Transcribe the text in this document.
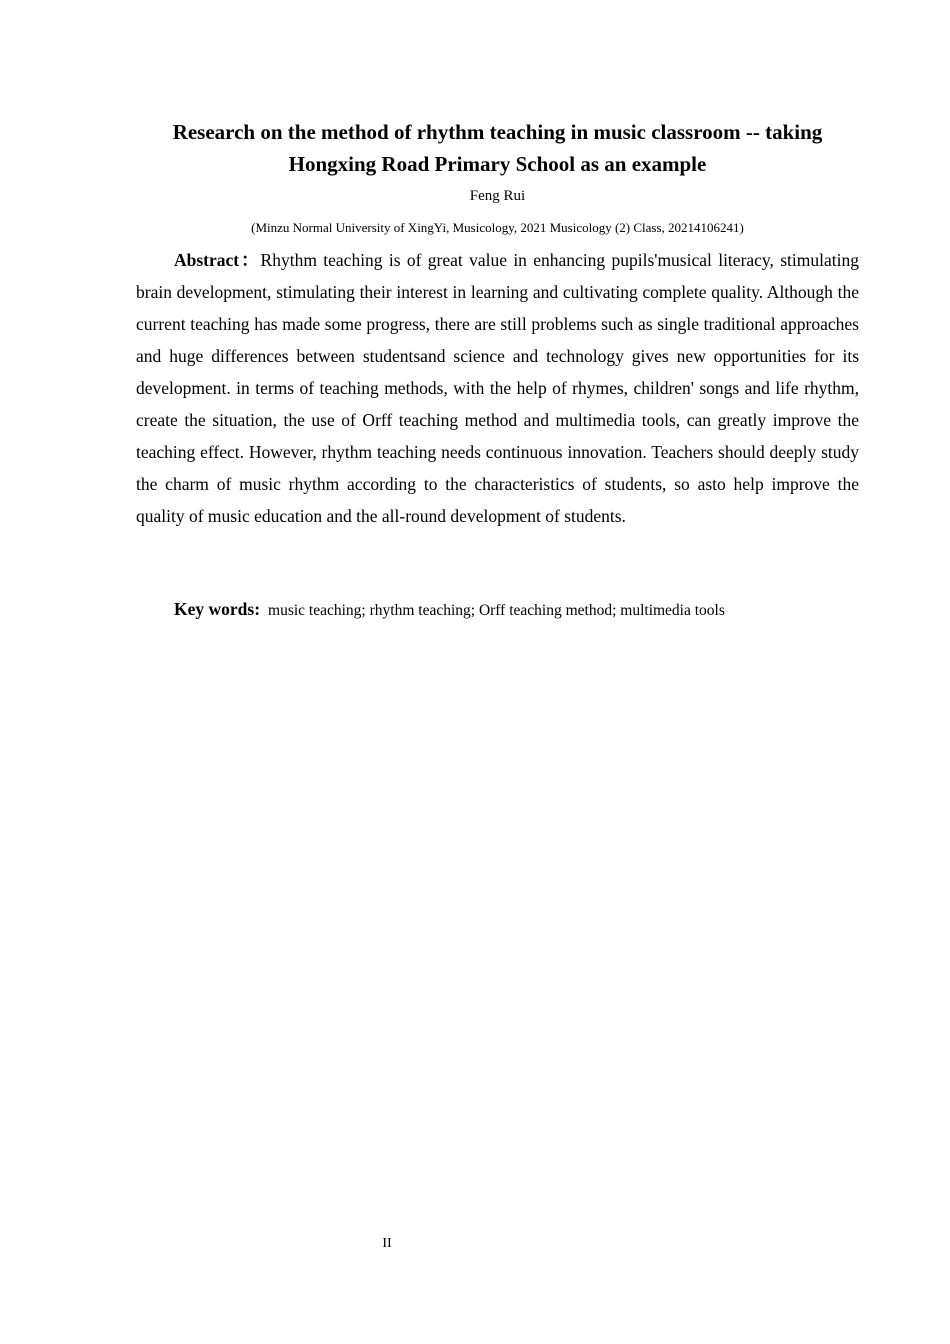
Research on the method of rhythm teaching in music classroom -- taking Hongxing Road Primary School as an example

Feng Rui

(Minzu Normal University of XingYi, Musicology, 2021 Musicology (2) Class, 20214106241)

Abstract：Rhythm teaching is of great value in enhancing pupils'musical literacy, stimulating brain development, stimulating their interest in learning and cultivating complete quality. Although the current teaching has made some progress, there are still problems such as single traditional approaches and huge differences between studentsand science and technology gives new opportunities for its development. in terms of teaching methods, with the help of rhymes, children' songs and life rhythm, create the situation, the use of Orff teaching method and multimedia tools, can greatly improve the teaching effect. However, rhythm teaching needs continuous innovation. Teachers should deeply study the charm of music rhythm according to the characteristics of students, so asto help improve the quality of music education and the all-round development of students.

Key words: music teaching; rhythm teaching; Orff teaching method; multimedia tools

II
